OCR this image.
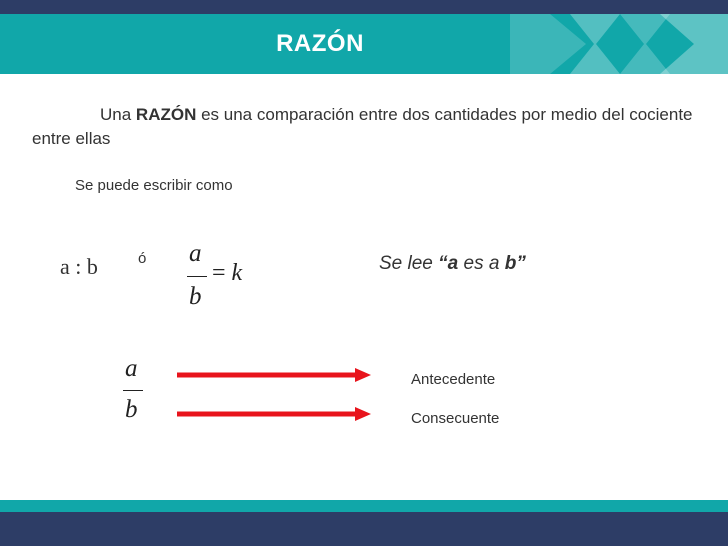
RAZÓN
Una RAZÓN es una comparación entre dos cantidades por medio del cociente entre ellas
Se puede escribir como
a : b	ó a
b
= k	Se lee “a es a b”
a
b
Antecedente
Consecuente
